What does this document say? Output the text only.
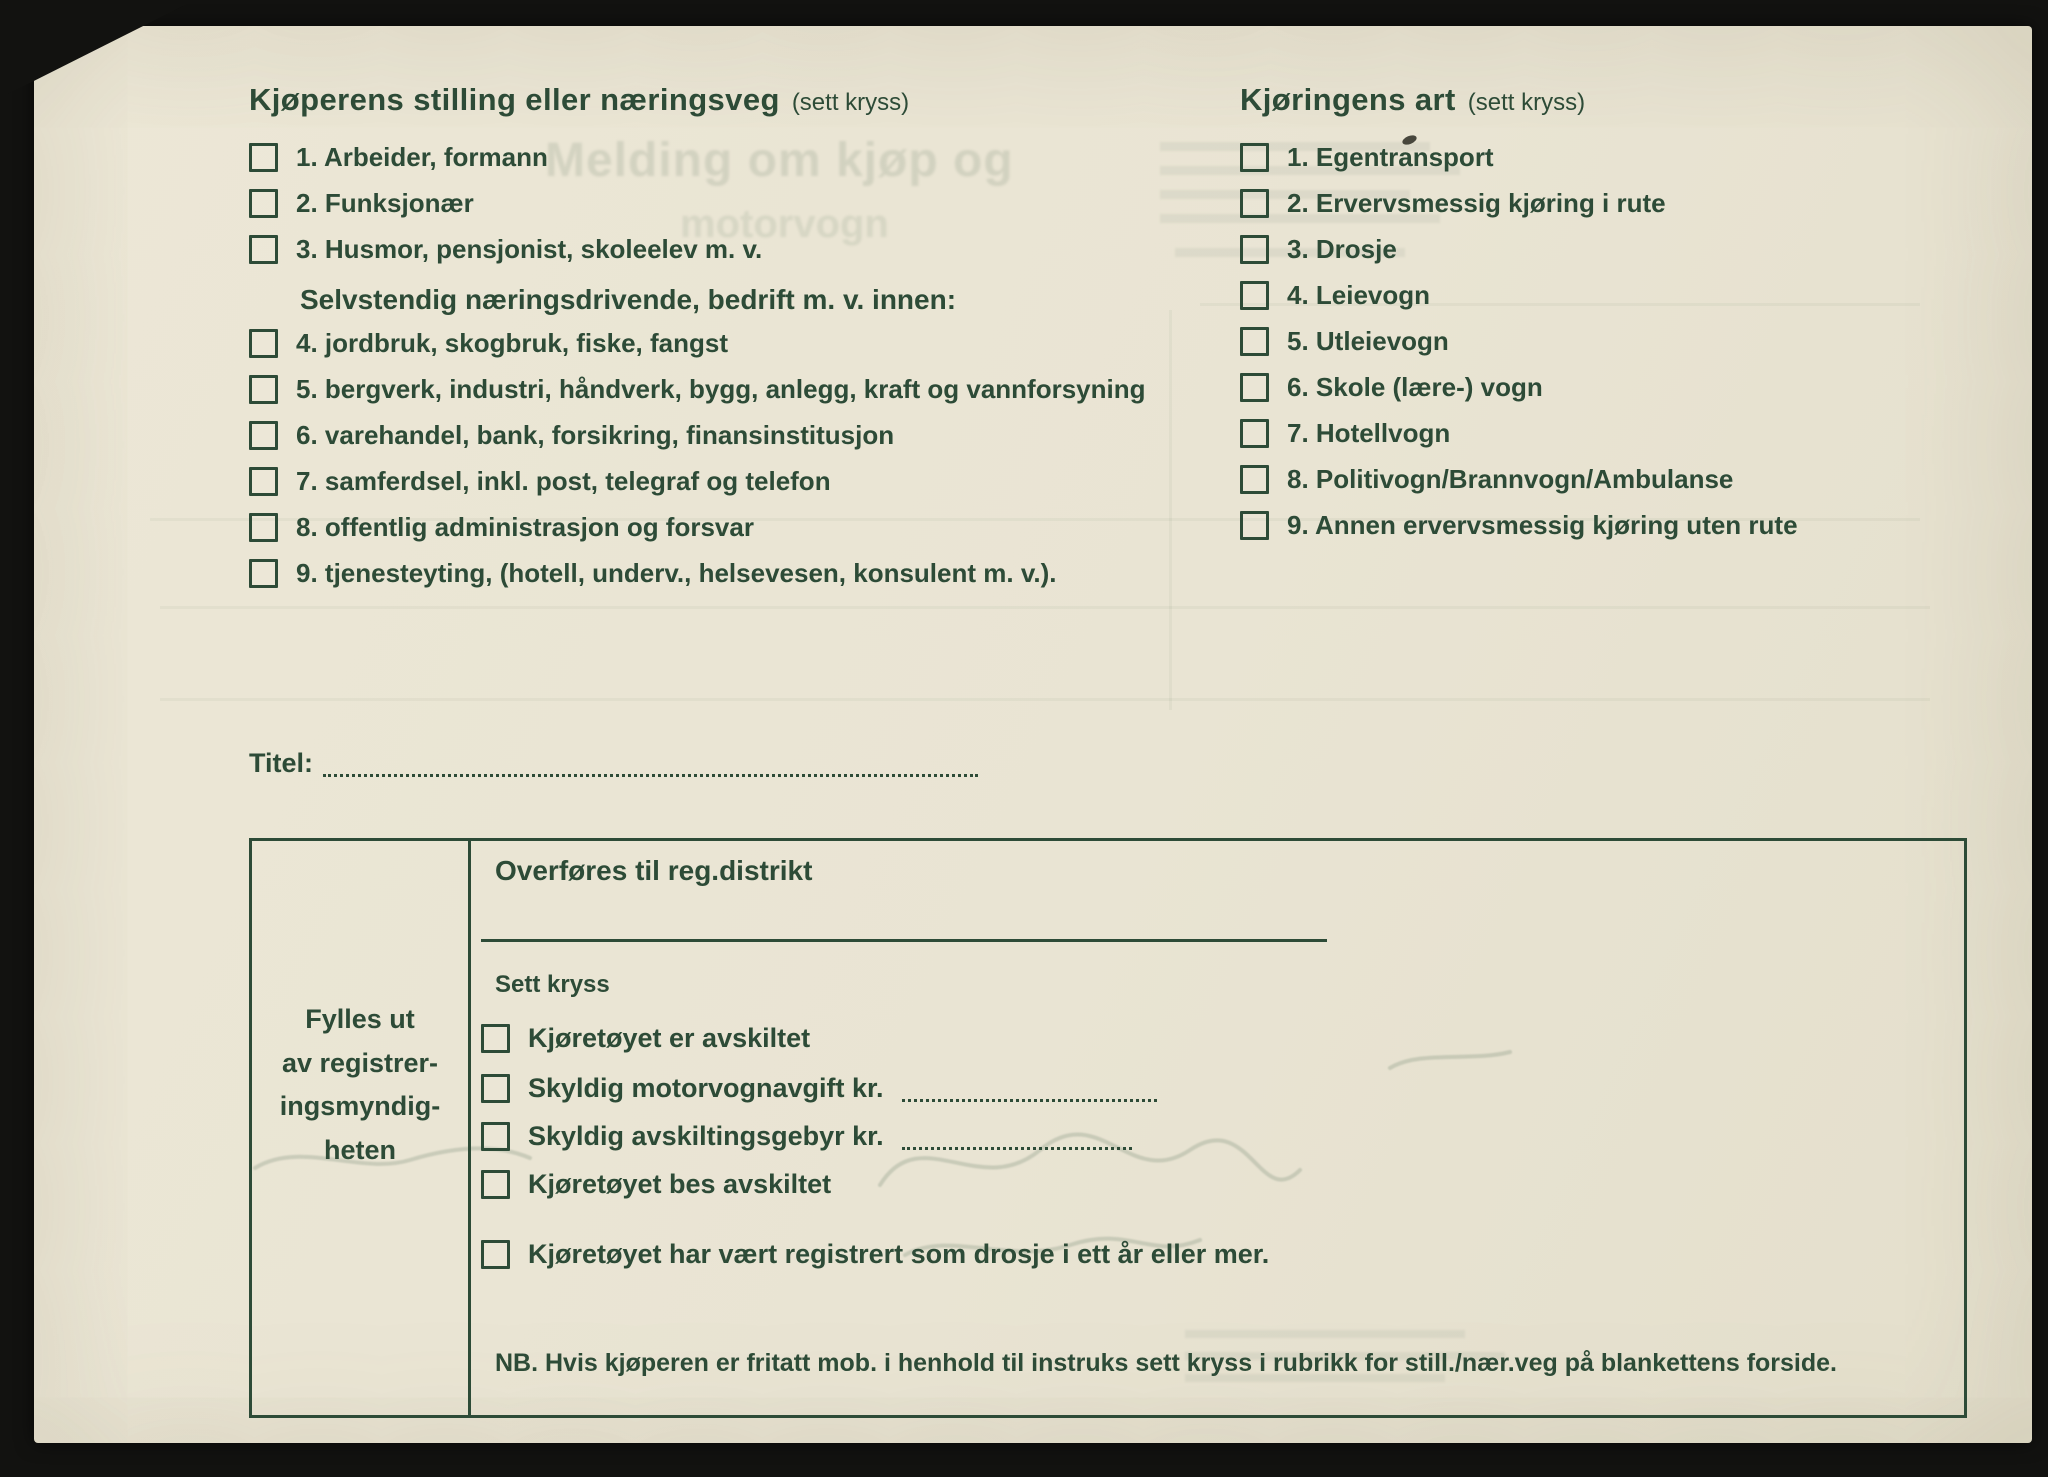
Melding om kjøp og
motorvogn
Kjøperens stilling eller næringsveg (sett kryss)
1. Arbeider, formann
2. Funksjonær
3. Husmor, pensjonist, skoleelev m. v.
Selvstendig næringsdrivende, bedrift m. v. innen:
4. jordbruk, skogbruk, fiske, fangst
5. bergverk, industri, håndverk, bygg, anlegg, kraft og vannforsyning
6. varehandel, bank, forsikring, finansinstitusjon
7. samferdsel, inkl. post, telegraf og telefon
8. offentlig administrasjon og forsvar
9. tjenesteyting, (hotell, underv., helsevesen, konsulent m. v.).
Kjøringens art (sett kryss)
1. Egentransport
2. Ervervsmessig kjøring i rute
3. Drosje
4. Leievogn
5. Utleievogn
6. Skole (lære-) vogn
7. Hotellvogn
8. Politivogn/Brannvogn/Ambulanse
9. Annen ervervsmessig kjøring uten rute
Titel:
Fylles ut
av registrer-
ingsmyndig-
heten
Overføres til reg.distrikt
Sett kryss
Kjøretøyet er avskiltet
Skyldig motorvognavgift kr.
Skyldig avskiltingsgebyr kr.
Kjøretøyet bes avskiltet
Kjøretøyet har vært registrert som drosje i ett år eller mer.
NB. Hvis kjøperen er fritatt mob. i henhold til instruks sett kryss i rubrikk for still./nær.veg på blankettens forside.
